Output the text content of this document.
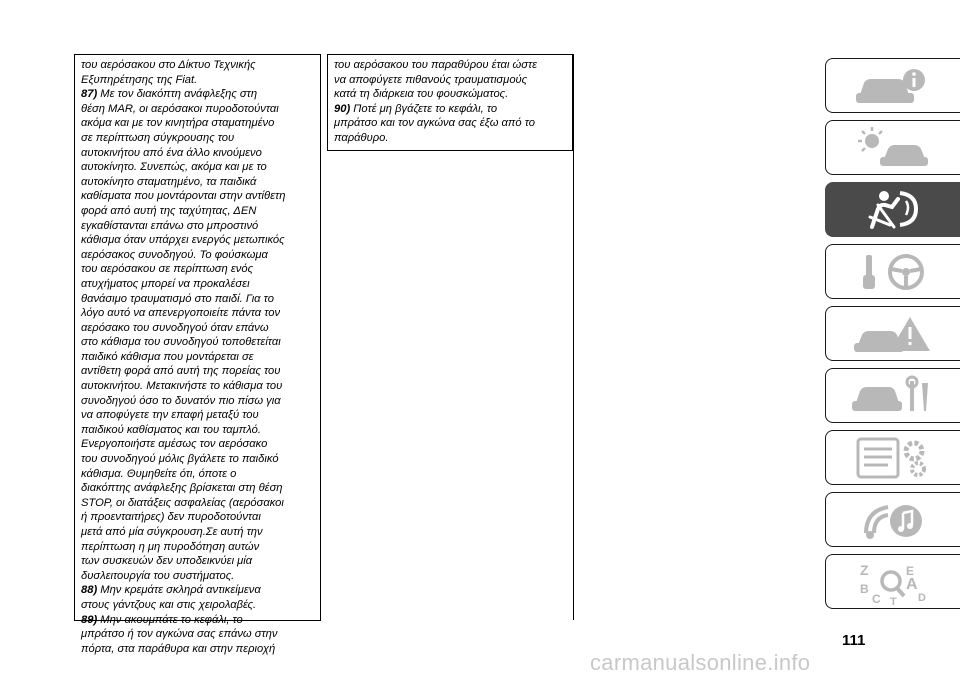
του αερόσακου στο Δίκτυο Τεχνικής

Εξυπηρέτησης της Fiat.

87) Με τον διακόπτη ανάφλεξης στη

θέση MAR, οι αερόσακοι πυροδοτούνται

ακόμα και με τον κινητήρα σταματημένο

σε περίπτωση σύγκρουσης του

αυτοκινήτου από ένα άλλο κινούμενο

αυτοκίνητο. Συνεπώς, ακόμα και με το

αυτοκίνητο σταματημένο, τα παιδικά

καθίσματα που μοντάρονται στην αντίθετη

φορά από αυτή της ταχύτητας, ΔΕΝ

εγκαθίστανται επάνω στο μπροστινό

κάθισμα όταν υπάρχει ενεργός μετωπικός

αερόσακος συνοδηγού. Το φούσκωμα

του αερόσακου σε περίπτωση ενός

ατυχήματος μπορεί να προκαλέσει

θανάσιμο τραυματισμό στο παιδί. Για το

λόγο αυτό να απενεργοποιείτε πάντα τον

αερόσακο του συνοδηγού όταν επάνω

στο κάθισμα του συνοδηγού τοποθετείται

παιδικό κάθισμα που μοντάρεται σε

αντίθετη φορά από αυτή της πορείας του

αυτοκινήτου. Μετακινήστε το κάθισμα του

συνοδηγού όσο το δυνατόν πιο πίσω για

να αποφύγετε την επαφή μεταξύ του

παιδικού καθίσματος και του ταμπλό.

Ενεργοποιήστε αμέσως τον αερόσακο

του συνοδηγού μόλις βγάλετε το παιδικό

κάθισμα. Θυμηθείτε ότι, όποτε ο

διακόπτης ανάφλεξης βρίσκεται στη θέση

STOP, οι διατάξεις ασφαλείας (αερόσακοι

ή προενταιτήρες) δεν πυροδοτούνται

μετά από μία σύγκρουση.Σε αυτή την

περίπτωση η μη πυροδότηση αυτών

των συσκευών δεν υποδεικνύει μία

δυσλειτουργία του συστήματος.

88) Μην κρεμάτε σκληρά αντικείμενα

στους γάντζους και στις χειρολαβές.

89) Μην ακουμπάτε το κεφάλι, το

μπράτσο ή τον αγκώνα σας επάνω στην

πόρτα, στα παράθυρα και στην περιοχή

του αερόσακου του παραθύρου έται ώστε

να αποφύγετε πιθανούς τραυματισμούς

κατά τη διάρκεια του φουσκώματος.

90) Ποτέ μη βγάζετε το κεφάλι, το

μπράτσο και τον αγκώνα σας έξω από το

παράθυρο.

Z	E
B A
C	D
T
111
carmanualsonline.info
